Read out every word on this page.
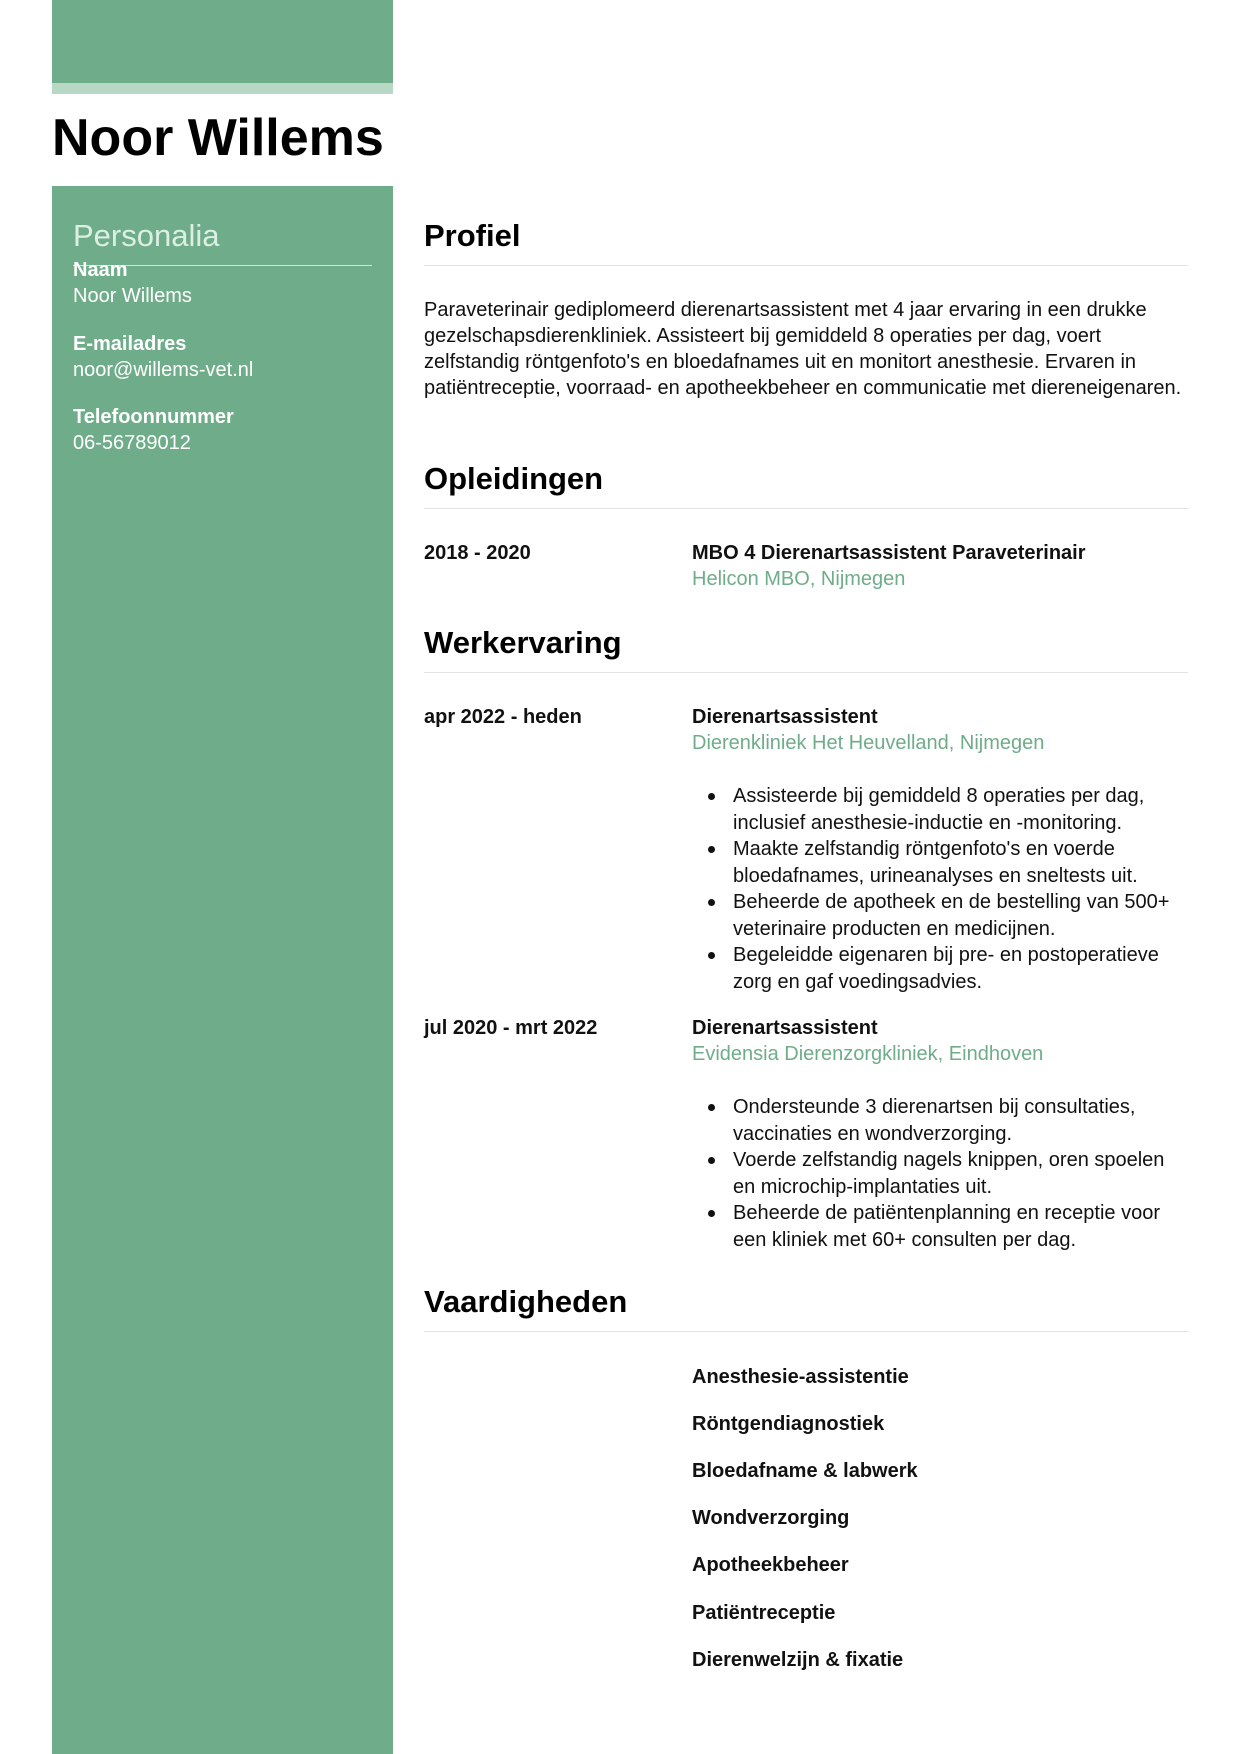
Noor Willems
Personalia
Naam
Noor Willems
E-mailadres
noor@willems-vet.nl
Telefoonnummer
06-56789012
Profiel

Paraveterinair gediplomeerd dierenartsassistent met 4 jaar ervaring in een drukke gezelschapsdierenkliniek. Assisteert bij gemiddeld 8 operaties per dag, voert zelfstandig röntgenfoto's en bloedafnames uit en monitort anesthesie. Ervaren in patiëntreceptie, voorraad- en apotheekbeheer en communicatie met diereneigenaren.

Opleidingen
2018 - 2020	MBO 4 Dierenartsassistent Paraveterinair
Helicon MBO, Nijmegen
Werkervaring
apr 2022 - heden	Dierenartsassistent
Dierenkliniek Het Heuvelland, Nijmegen
Assisteerde bij gemiddeld 8 operaties per dag, inclusief anesthesie-inductie en -monitoring.
Maakte zelfstandig röntgenfoto's en voerde bloedafnames, urineanalyses en sneltests uit.
Beheerde de apotheek en de bestelling van 500+ veterinaire producten en medicijnen.
Begeleidde eigenaren bij pre- en postoperatieve zorg en gaf voedingsadvies.
jul 2020 - mrt 2022	Dierenartsassistent
Evidensia Dierenzorgkliniek, Eindhoven
Ondersteunde 3 dierenartsen bij consultaties, vaccinaties en wondverzorging.
Voerde zelfstandig nagels knippen, oren spoelen en microchip-implantaties uit.
Beheerde de patiëntenplanning en receptie voor een kliniek met 60+ consulten per dag.
Vaardigheden
Anesthesie-assistentie
Röntgendiagnostiek
Bloedafname & labwerk
Wondverzorging
Apotheekbeheer
Patiëntreceptie
Dierenwelzijn & fixatie
